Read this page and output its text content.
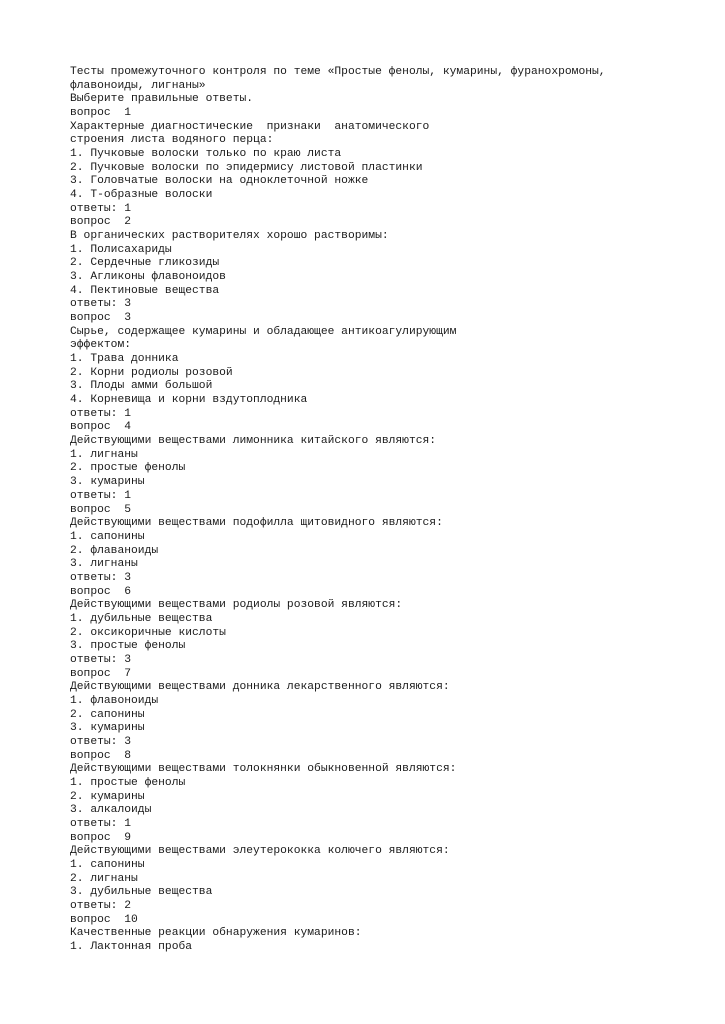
Тесты промежуточного контроля по теме «Простые фенолы, кумарины, фуранохромоны,
флавоноиды, лигнаны»
Выберите правильные ответы.
вопрос  1
Характерные диагностические  признаки  анатомического
строения листа водяного перца:
1. Пучковые волоски только по краю листа
2. Пучковые волоски по эпидермису листовой пластинки
3. Головчатые волоски на одноклеточной ножке
4. Т-образные волоски
ответы: 1
вопрос  2
В органических растворителях хорошо растворимы:
1. Полисахариды
2. Сердечные гликозиды
3. Агликоны флавоноидов
4. Пектиновые вещества
ответы: 3
вопрос  3
Сырье, содержащее кумарины и обладающее антикоагулирующим
эффектом:
1. Трава донника
2. Корни родиолы розовой
3. Плоды амми большой
4. Корневища и корни вздутоплодника
ответы: 1
вопрос  4
Действующими веществами лимонника китайского являются:
1. лигнаны
2. простые фенолы
3. кумарины
ответы: 1
вопрос  5
Действующими веществами подофилла щитовидного являются:
1. сапонины
2. флаваноиды
3. лигнаны
ответы: 3
вопрос  6
Действующими веществами родиолы розовой являются:
1. дубильные вещества
2. оксикоричные кислоты
3. простые фенолы
ответы: 3
вопрос  7
Действующими веществами донника лекарственного являются:
1. флавоноиды
2. сапонины
3. кумарины
ответы: 3
вопрос  8
Действующими веществами толокнянки обыкновенной являются:
1. простые фенолы
2. кумарины
3. алкалоиды
ответы: 1
вопрос  9
Действующими веществами элеутерококка колючего являются:
1. сапонины
2. лигнаны
3. дубильные вещества
ответы: 2
вопрос  10
Качественные реакции обнаружения кумаринов:
1. Лактонная проба
